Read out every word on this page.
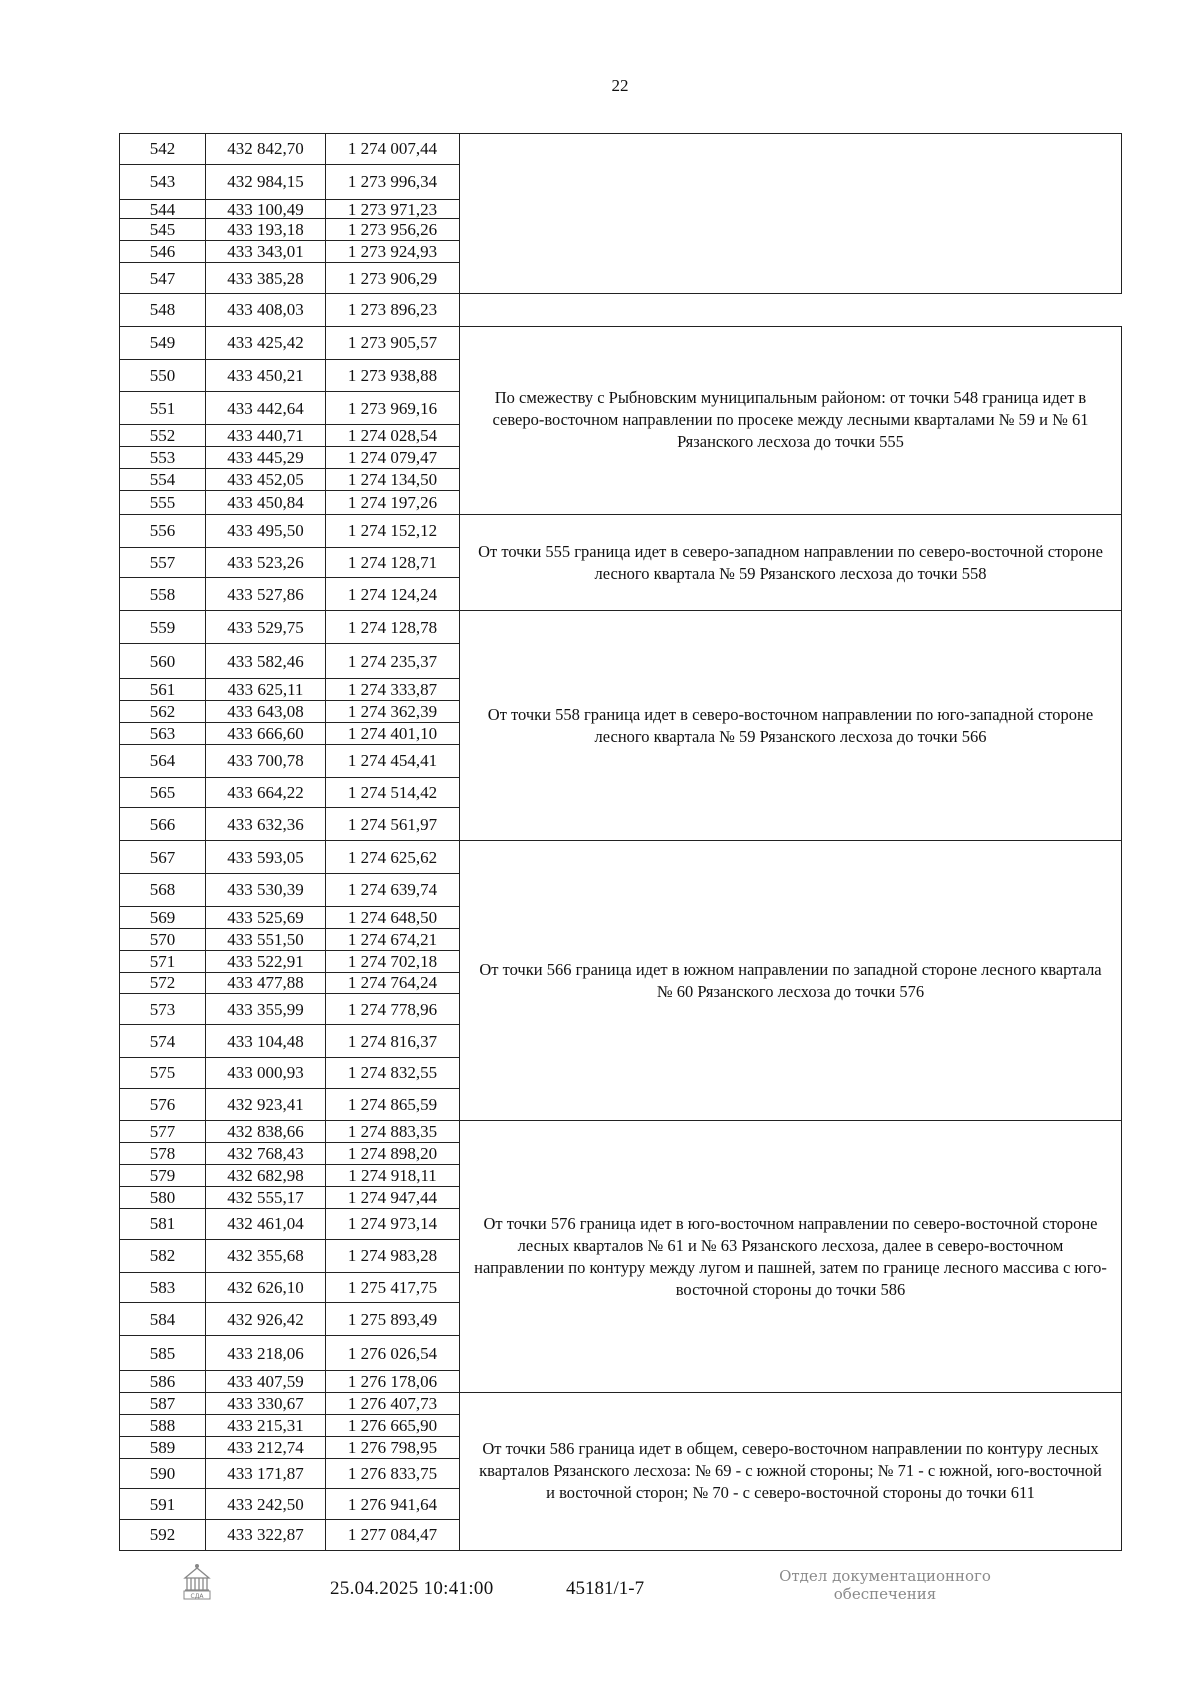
22
542	432 842,70	1 274 007,44	
543	432 984,15	1 273 996,34	
544	433 100,49	1 273 971,23	
545	433 193,18	1 273 956,26	
546	433 343,01	1 273 924,93	
547	433 385,28	1 273 906,29	
548	433 408,03	1 273 896,23	
549	433 425,42	1 273 905,57	По смежеству с Рыбновским муниципальным районом: от точки 548 граница идет в северо-восточном направлении по просеке между лесными кварталами № 59 и № 61 Рязанского лесхоза до точки 555
550	433 450,21	1 273 938,88	
551	433 442,64	1 273 969,16	
552	433 440,71	1 274 028,54	
553	433 445,29	1 274 079,47	
554	433 452,05	1 274 134,50	
555	433 450,84	1 274 197,26	
556	433 495,50	1 274 152,12	От точки 555 граница идет в северо-западном направлении по северо-восточной стороне лесного квартала № 59 Рязанского лесхоза до точки 558
557	433 523,26	1 274 128,71	
558	433 527,86	1 274 124,24	
559	433 529,75	1 274 128,78	От точки 558 граница идет в северо-восточном направлении по юго-западной стороне лесного квартала № 59 Рязанского лесхоза до точки 566
560	433 582,46	1 274 235,37	
561	433 625,11	1 274 333,87	
562	433 643,08	1 274 362,39	
563	433 666,60	1 274 401,10	
564	433 700,78	1 274 454,41	
565	433 664,22	1 274 514,42	
566	433 632,36	1 274 561,97	
567	433 593,05	1 274 625,62	От точки 566 граница идет в южном направлении по западной стороне лесного квартала № 60 Рязанского лесхоза до точки 576
568	433 530,39	1 274 639,74	
569	433 525,69	1 274 648,50	
570	433 551,50	1 274 674,21	
571	433 522,91	1 274 702,18	
572	433 477,88	1 274 764,24	
573	433 355,99	1 274 778,96	
574	433 104,48	1 274 816,37	
575	433 000,93	1 274 832,55	
576	432 923,41	1 274 865,59	
577	432 838,66	1 274 883,35	От точки 576 граница идет в юго-восточном направлении по северо-восточной стороне лесных кварталов № 61 и № 63 Рязанского лесхоза, далее в северо-восточном направлении по контуру между лугом и пашней, затем по границе лесного массива с юго-восточной стороны до точки 586
578	432 768,43	1 274 898,20	
579	432 682,98	1 274 918,11	
580	432 555,17	1 274 947,44	
581	432 461,04	1 274 973,14	
582	432 355,68	1 274 983,28	
583	432 626,10	1 275 417,75	
584	432 926,42	1 275 893,49	
585	433 218,06	1 276 026,54	
586	433 407,59	1 276 178,06	
587	433 330,67	1 276 407,73	От точки 586 граница идет в общем, северо-восточном направлении по контуру лесных кварталов Рязанского лесхоза: № 69 - с южной стороны; № 71 - с южной, юго-восточной и восточной сторон; № 70 - с северо-восточной стороны до точки 611
588	433 215,31	1 276 665,90	
589	433 212,74	1 276 798,95	
590	433 171,87	1 276 833,75	
591	433 242,50	1 276 941,64	
592	433 322,87	1 277 084,47	
СДА	25.04.2025 10:41:00	45181/1-7
Отдел документационного обеспечения
